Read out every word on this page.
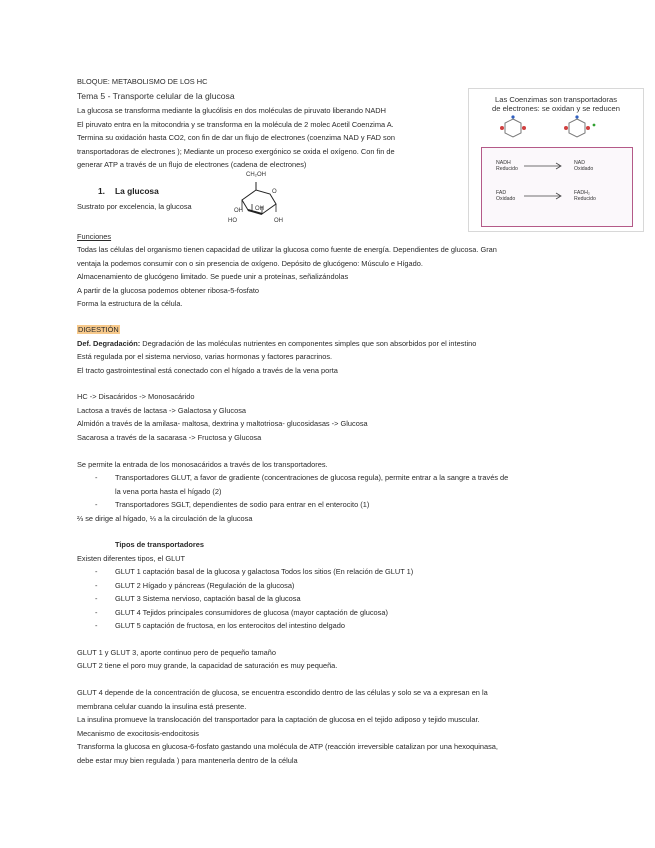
BLOQUE: METABOLISMO DE LOS HC
Tema 5 - Transporte celular de la glucosa
La glucosa se transforma mediante la glucólisis en dos moléculas de piruvato liberando NADH
El piruvato entra en la mitocondria y se transforma en la molécula de 2 molec Acetil Coenzima A.
Termina su oxidación hasta CO2, con fin de dar un flujo de electrones (coenzima NAD y FAD son
transportadoras de electrones ); Mediante un proceso exergónico se oxida el oxígeno. Con fin de
generar ATP a través de un flujo de electrones (cadena de electrones)
Las Coenzimas son transportadoras
de electrones: se oxidan y se reducen
NADH
Reducido
NAD
Oxidado
FAD
Oxidado
FADH₂
Reducido
1. La glucosa
Sustrato por excelencia, la glucosa
CH₂OH
O
OH OH
HO	OH
Funciones
Todas las células del organismo tienen capacidad de utilizar la glucosa como fuente de energía. Dependientes de glucosa. Gran
ventaja la podemos consumir con o sin presencia de oxígeno. Depósito de glucógeno: Músculo e Hígado.
Almacenamiento de glucógeno limitado. Se puede unir a proteínas, señalizándolas
A partir de la glucosa podemos obtener ribosa-5-fosfato
Forma la estructura de la célula.
DIGESTIÓN
Def. Degradación: Degradación de las moléculas nutrientes en componentes simples que son absorbidos por el intestino
Está regulada por el sistema nervioso, varias hormonas y factores paracrinos.
El tracto gastrointestinal está conectado con el hígado a través de la vena porta
HC -> Disacáridos -> Monosacárido
Lactosa a través de lactasa -> Galactosa y Glucosa
Almidón a través de la amilasa- maltosa, dextrina y maltotriosa- glucosidasas -> Glucosa
Sacarosa a través de la sacarasa -> Fructosa y Glucosa
Se permite la entrada de los monosacáridos a través de los transportadores.
- Transportadores GLUT, a favor de gradiente (concentraciones de glucosa regula), permite entrar a la sangre a través de
la vena porta hasta el hígado (2)
- Transportadores SGLT, dependientes de sodio para entrar en el enterocito (1)
⅔ se dirige al hígado, ⅓ a la circulación de la glucosa
Tipos de transportadores
Existen diferentes tipos, el GLUT
- GLUT 1 captación basal de la glucosa y galactosa Todos los sitios (En relación de GLUT 1)
- GLUT 2 Hígado y páncreas (Regulación de la glucosa)
- GLUT 3 Sistema nervioso, captación basal de la glucosa
- GLUT 4 Tejidos principales consumidores de glucosa (mayor captación de glucosa)
- GLUT 5 captación de fructosa, en los enterocitos del intestino delgado
GLUT 1 y GLUT 3, aporte continuo pero de pequeño tamaño
GLUT 2 tiene el poro muy grande, la capacidad de saturación es muy pequeña.
GLUT 4 depende de la concentración de glucosa, se encuentra escondido dentro de las células y solo se va a expresan en la
membrana celular cuando la insulina está presente.
La insulina promueve la translocación del transportador para la captación de glucosa en el tejido adiposo y tejido muscular.
Mecanismo de exocitosis-endocitosis
Transforma la glucosa en glucosa-6-fosfato gastando una molécula de ATP (reacción irreversible catalizan por una hexoquinasa,
debe estar muy bien regulada ) para mantenerla dentro de la célula
